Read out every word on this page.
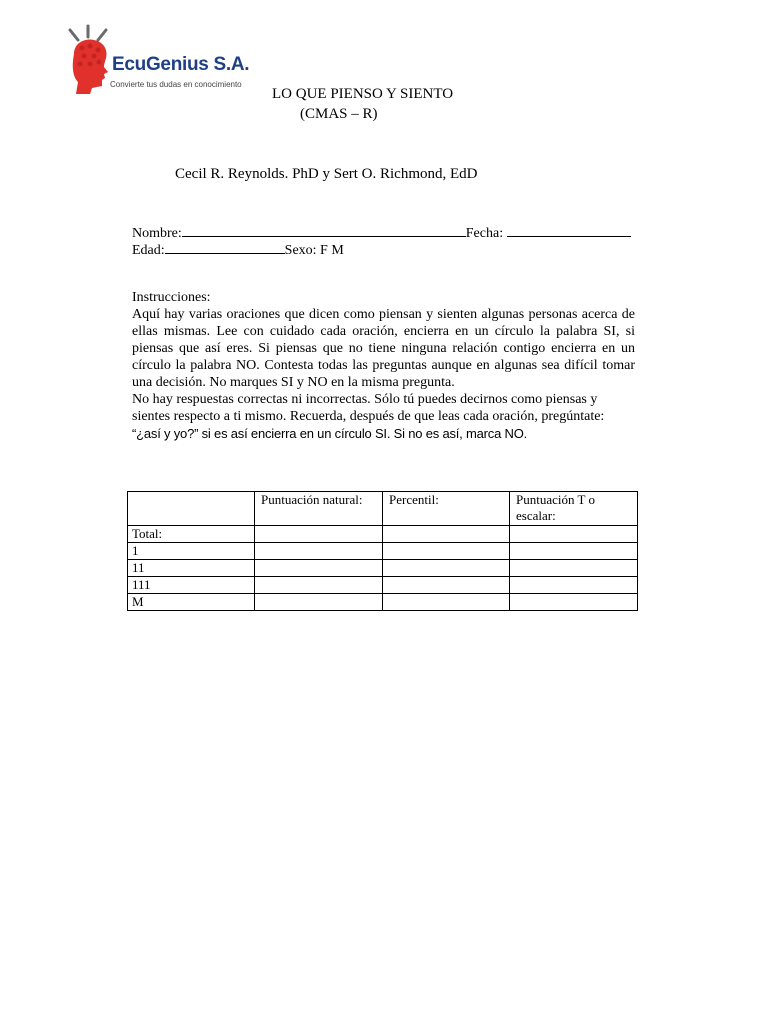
EcuGenius S.A.
Convierte tus dudas en conocimiento
LO QUE PIENSO Y SIENTO
(CMAS – R)
Cecil R. Reynolds. PhD y Sert O. Richmond, EdD
Nombre:	Fecha:
Edad:	Sexo: F M

Instrucciones:

Aquí hay varias oraciones que dicen como piensan y sienten algunas personas acerca de ellas mismas. Lee con cuidado cada oración, encierra en un círculo la palabra SI, si piensas que así eres. Si piensas que no tiene ninguna relación contigo encierra en un círculo la palabra NO. Contesta todas las preguntas aunque en algunas sea difícil tomar una decisión. No marques SI y NO en la misma pregunta.

No hay respuestas correctas ni incorrectas. Sólo tú puedes decirnos como piensas y sientes respecto a ti mismo. Recuerda, después de que leas cada oración, pregúntate:

“¿así y yo?” si es así encierra en un círculo SI. Si no es así, marca NO.

	Puntuación natural:	Percentil:	Puntuación T o escalar:
Total:			
1			
11			
111			
M			
